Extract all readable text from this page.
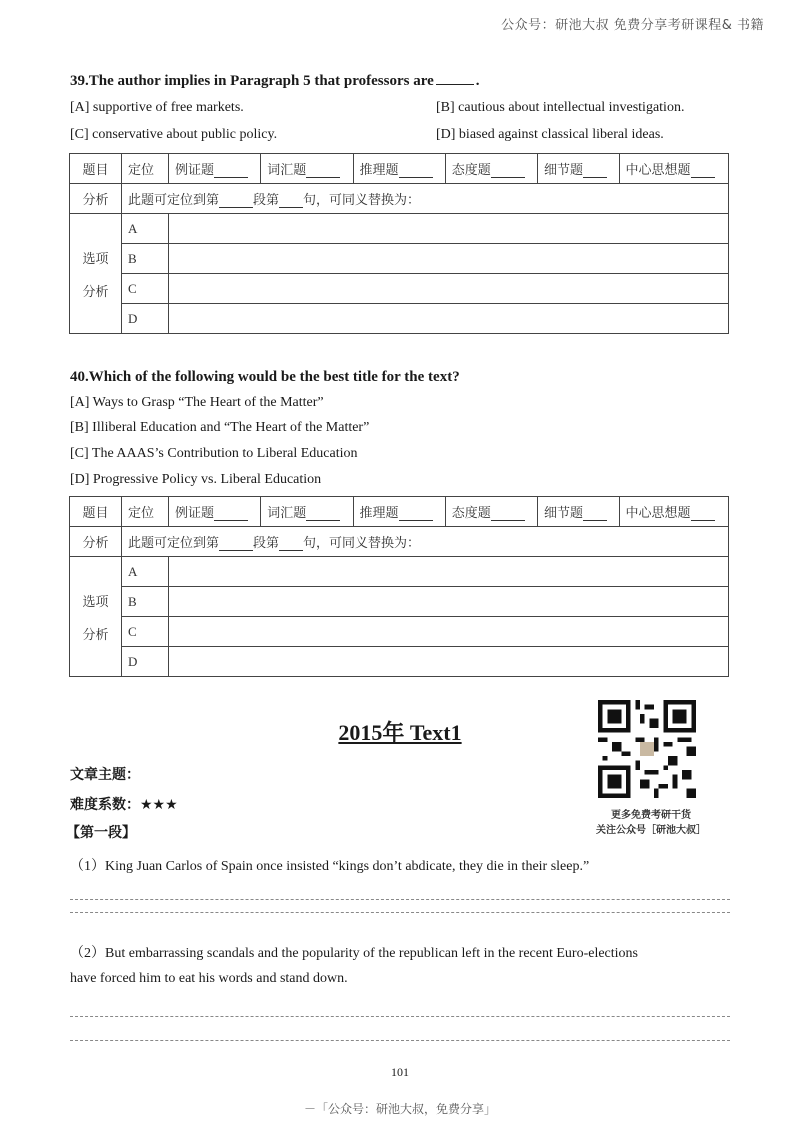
公众号：研池大叔 免费分享考研课程& 书籍
39.The author implies in Paragraph 5 that professors are	.
[A] supportive of free markets.	[B] cautious about intellectual investigation.
[C] conservative about public policy.	[D] biased against classical liberal ideas.
题目	定位	例证题	词汇题	推理题	态度题	细节题	中心思想题
分析	此题可定位到第 段第 句，可同义替换为：						

选项
分析	A						
	B						
	C						
	D						
40.Which of the following would be the best title for the text?
[A] Ways to Grasp “The Heart of the Matter”
[B] Illiberal Education and “The Heart of the Matter”
[C] The AAAS’s Contribution to Liberal Education
[D] Progressive Policy vs. Liberal Education
题目	定位	例证题	词汇题	推理题	态度题	细节题	中心思想题
分析	此题可定位到第 段第 句，可同义替换为：						

选项
分析	A						
	B						
	C						
	D						
2015年 Text1
更多免费考研干货
关注公众号［研池大叔］
文章主题：
难度系数：★★★
【第一段】
（1）King Juan Carlos of Spain once insisted “kings don’t abdicate, they die in their sleep.”
（2）But embarrassing scandals and the popularity of the republican left in the recent Euro-elections
have forced him to eat his words and stand down.
101
－「公众号：研池大叔，免费分享」
